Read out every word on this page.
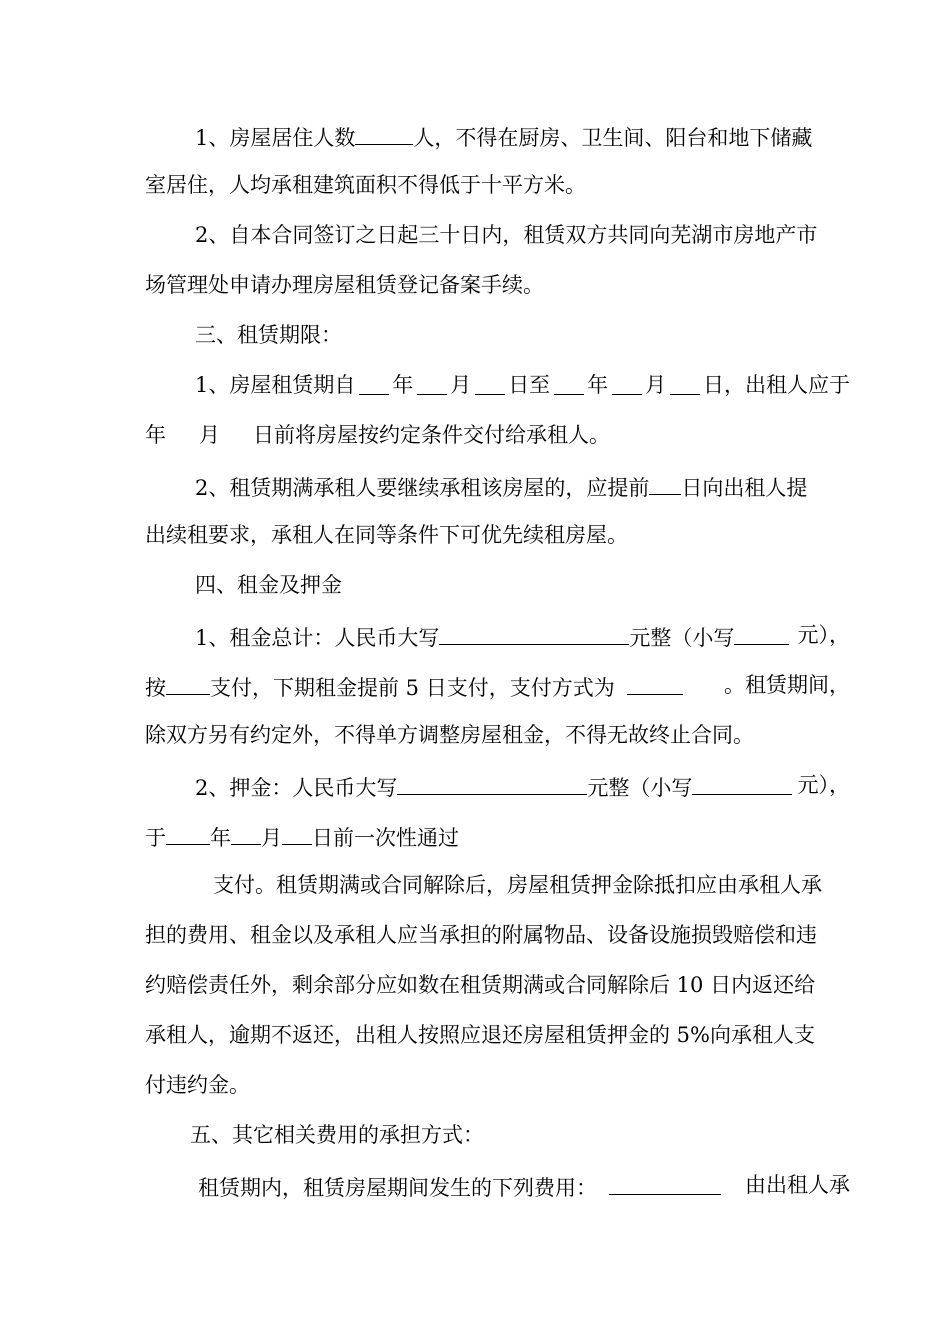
1、房屋居住人数	人，不得在厨房、卫生间、阳台和地下储藏
室居住，人均承租建筑面积不得低于十平方米。
2、自本合同签订之日起三十日内，租赁双方共同向芜湖市房地产市
场管理处申请办理房屋租赁登记备案手续。
三、租赁期限：
1、房屋租赁期自 年 月 日至 年 月 日，出租人应于
年 月 日前将房屋按约定条件交付给承租人。
2、租赁期满承租人要继续承租该房屋的，应提前 日向出租人提
出续租要求，承租人在同等条件下可优先续租房屋。
四、租金及押金
1、租金总计：人民币大写	元整（小写	元），
按 支付，下期租金提前 5 日支付，支付方式为	。租赁期间，
除双方另有约定外，不得单方调整房屋租金，不得无故终止合同。
2、押金：人民币大写	元整（小写	元），
于 年 月 日前一次性通过
支付。租赁期满或合同解除后，房屋租赁押金除抵扣应由承租人承
担的费用、租金以及承租人应当承担的附属物品、设备设施损毁赔偿和违
约赔偿责任外，剩余部分应如数在租赁期满或合同解除后 10 日内返还给
承租人，逾期不返还，出租人按照应退还房屋租赁押金的 5%向承租人支
付违约金。
五、其它相关费用的承担方式：
租赁期内，租赁房屋期间发生的下列费用：	由出租人承
